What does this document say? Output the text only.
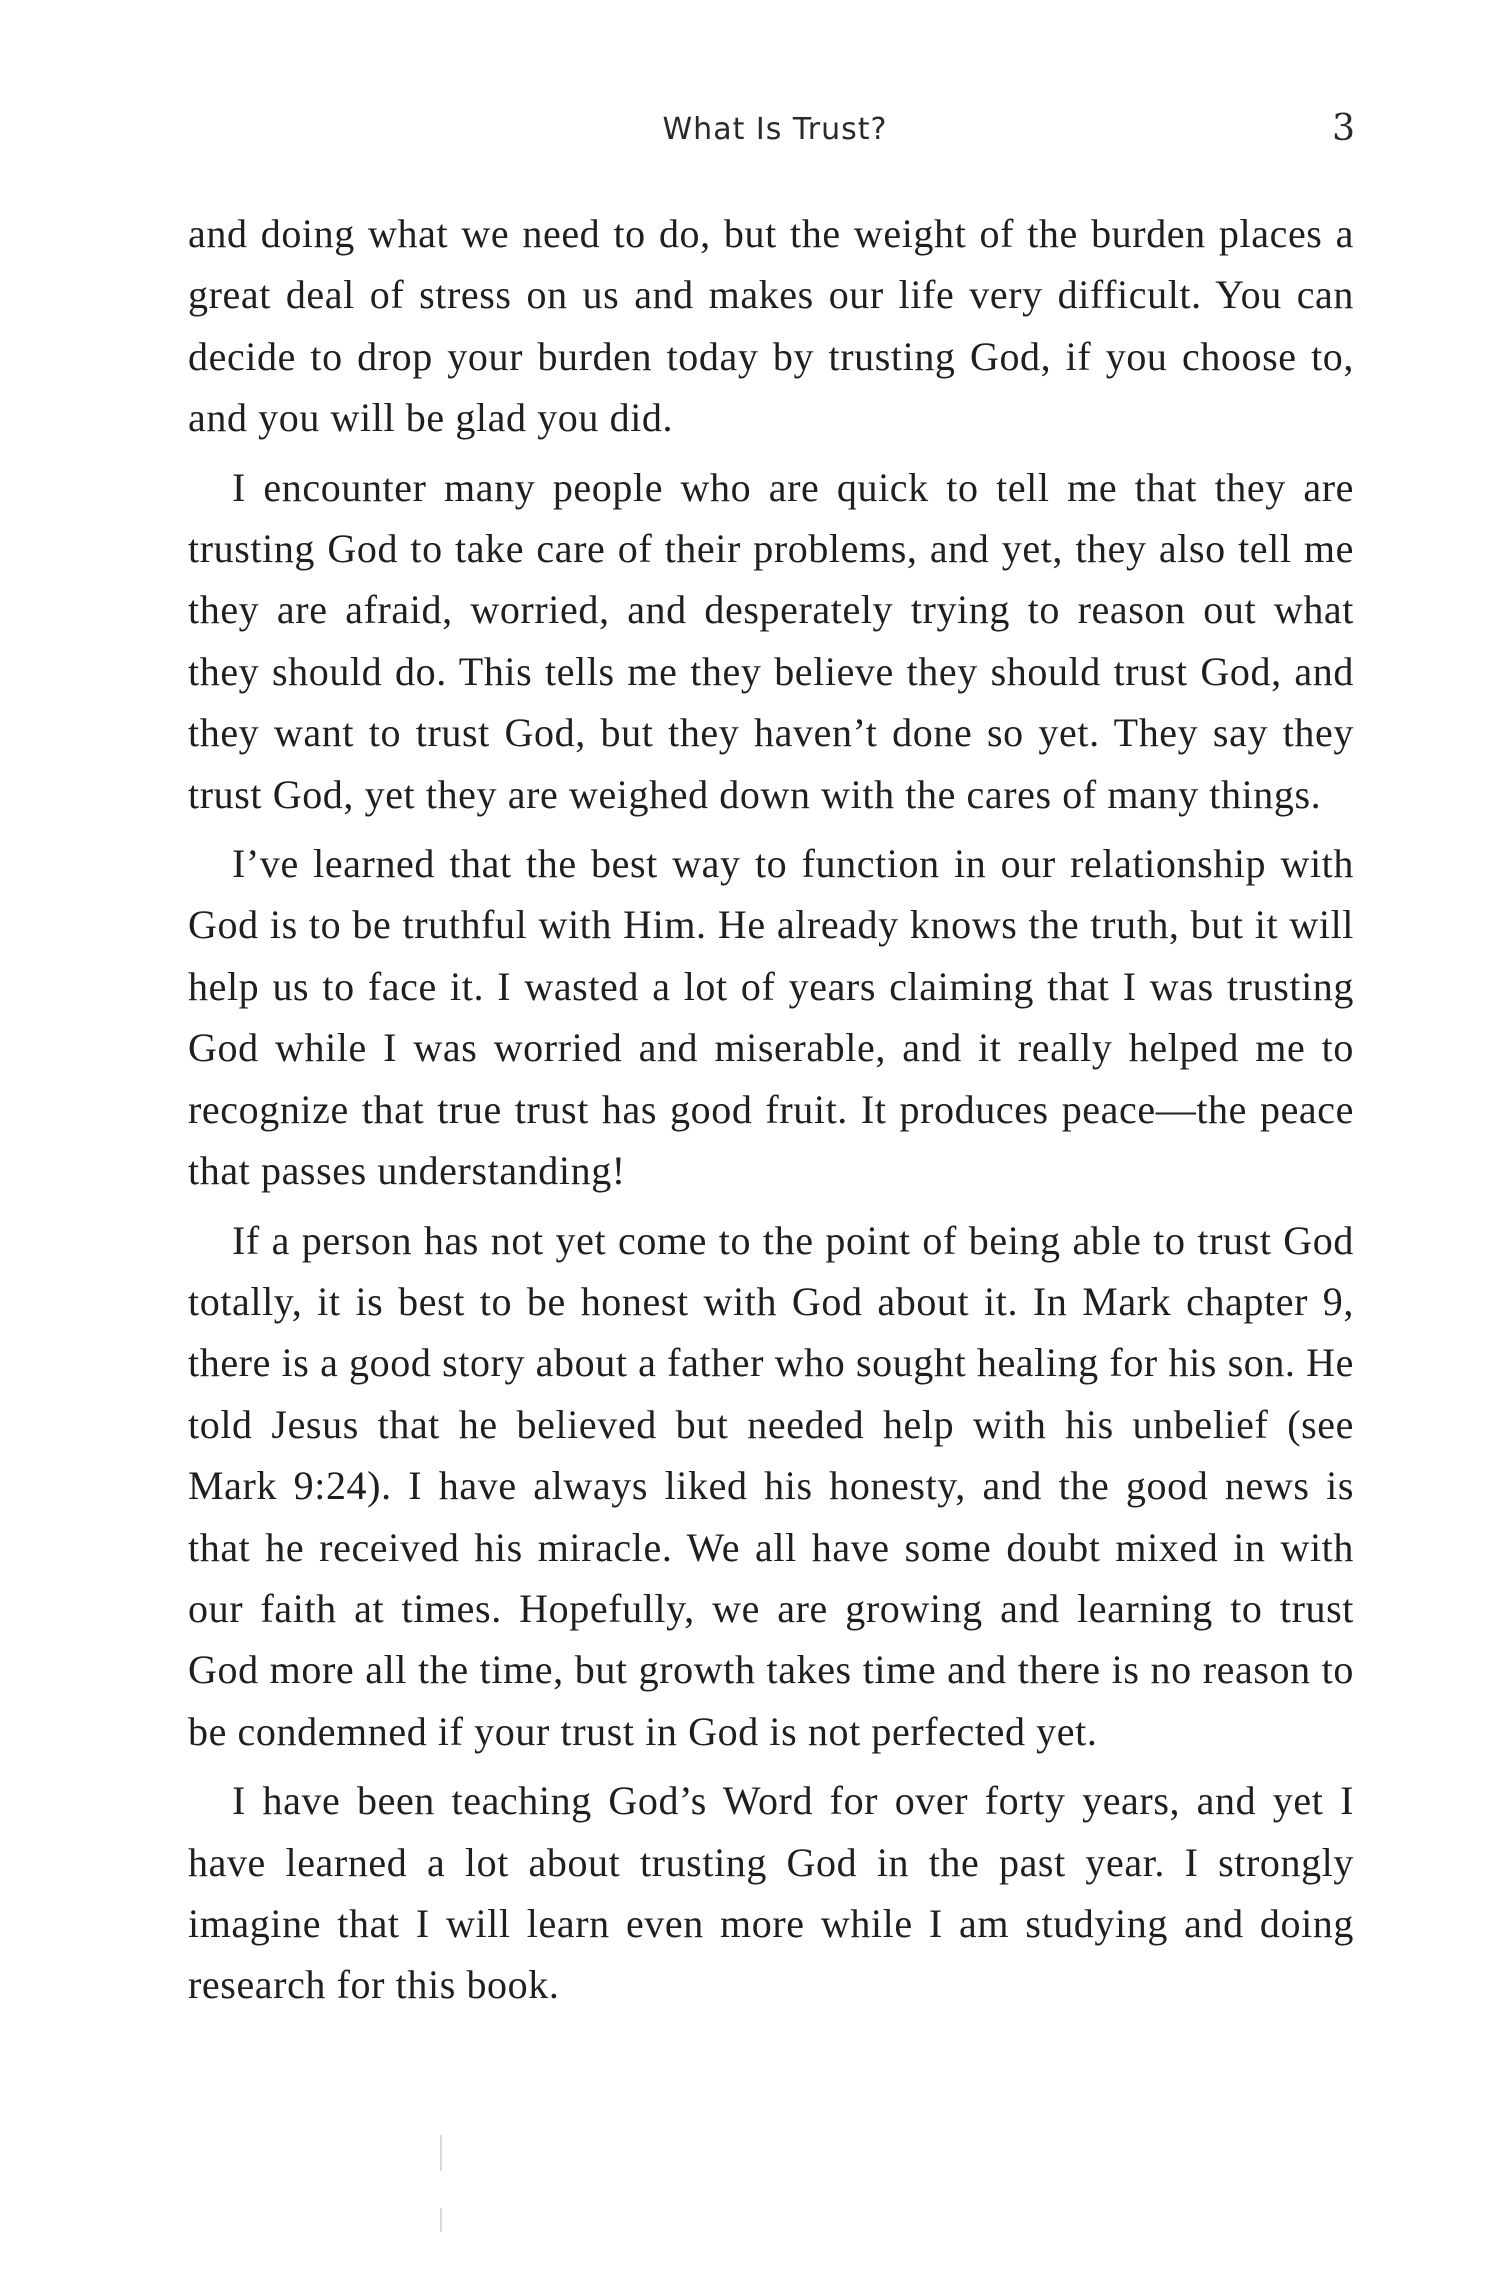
What Is Trust?	3

and doing what we need to do, but the weight of the burden places a great deal of stress on us and makes our life very difficult. You can decide to drop your burden today by trusting God, if you choose to, and you will be glad you did.

I encounter many people who are quick to tell me that they are trusting God to take care of their problems, and yet, they also tell me they are afraid, worried, and desperately trying to reason out what they should do. This tells me they believe they should trust God, and they want to trust God, but they haven’t done so yet. They say they trust God, yet they are weighed down with the cares of many things.

I’ve learned that the best way to function in our relationship with God is to be truthful with Him. He already knows the truth, but it will help us to face it. I wasted a lot of years claiming that I was trusting God while I was worried and miserable, and it really helped me to recognize that true trust has good fruit. It produces peace—the peace that passes understanding!

If a person has not yet come to the point of being able to trust God totally, it is best to be honest with God about it. In Mark chapter 9, there is a good story about a father who sought healing for his son. He told Jesus that he believed but needed help with his unbelief (see Mark 9:24). I have always liked his honesty, and the good news is that he received his miracle. We all have some doubt mixed in with our faith at times. Hopefully, we are growing and learning to trust God more all the time, but growth takes time and there is no reason to be condemned if your trust in God is not perfected yet.

I have been teaching God’s Word for over forty years, and yet I have learned a lot about trusting God in the past year. I strongly imagine that I will learn even more while I am studying and doing research for this book.
